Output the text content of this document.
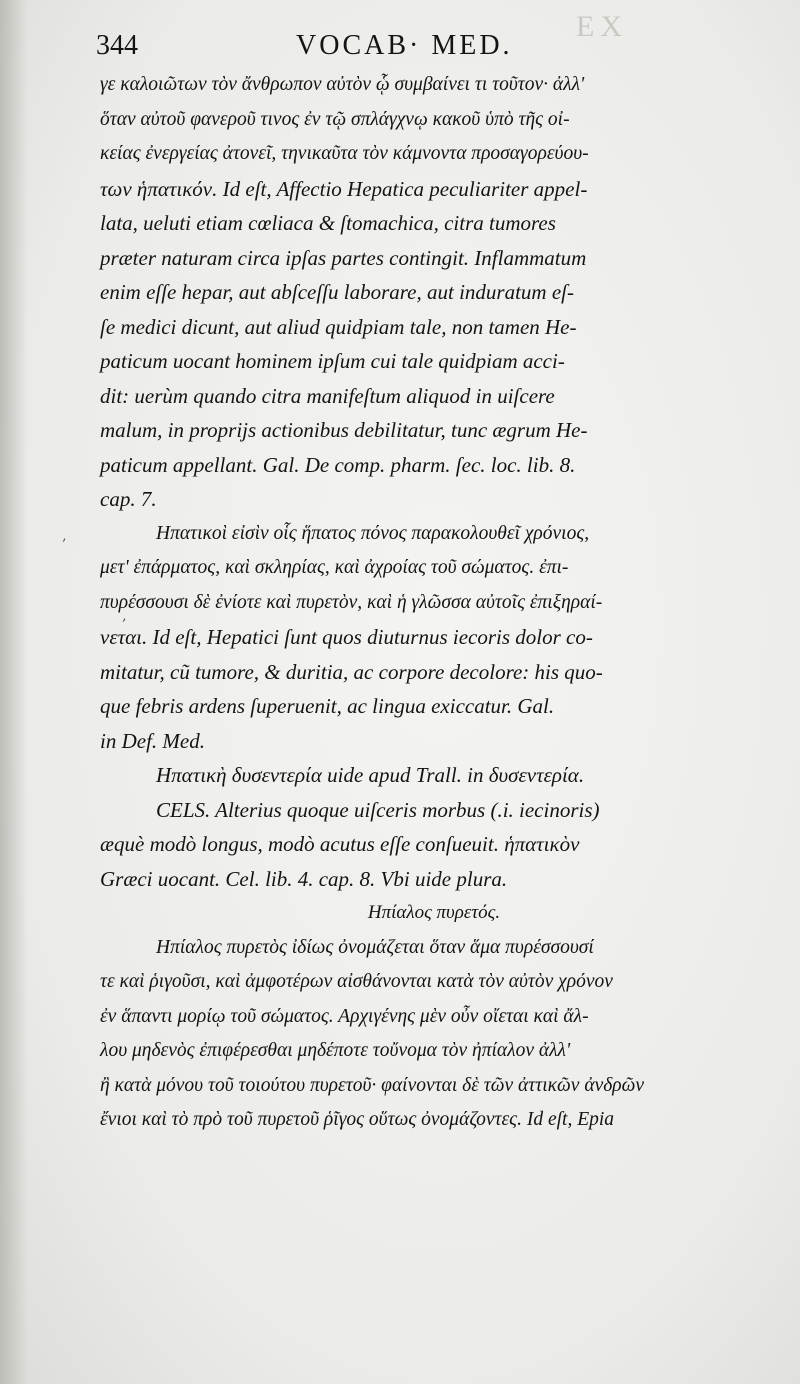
344	VOCAB· MED.
EX
‚
‚
γε καλοιῶτων τὸν ἄνθρωπον αὐτὸν ᾧ συμβαίνει τι τοῦτον· ἀλλ'
ὅταν αὐτοῦ φανεροῦ τινος ἐν τῷ σπλάγχνῳ κακοῦ ὑπὸ τῆς οἰ-
κείας ἐνεργείας ἀτονεῖ, τηνικαῦτα τὸν κάμνοντα προσαγορεύου-
των ἡπατικόν. Id eſt, Affectio Hepatica peculiariter appel-
lata, ueluti etiam cœliaca & ſtomachica, citra tumores
præter naturam circa ipſas partes contingit. Inflammatum
enim eſſe hepar, aut abſceſſu laborare, aut induratum eſ-
ſe medici dicunt, aut aliud quidpiam tale, non tamen He-
paticum uocant hominem ipſum cui tale quidpiam acci-
dit: uerùm quando citra manifeſtum aliquod in uiſcere
malum, in proprijs actionibus debilitatur, tunc ægrum He-
paticum appellant. Gal. De comp. pharm. ſec. loc. lib. 8.
cap. 7.
Ηπατικοὶ εἰσὶν οἷς ἥπατος πόνος παρακολουθεῖ χρόνιος,
μετ' ἐπάρματος, καὶ σκληρίας, καὶ ἀχροίας τοῦ σώματος. ἐπι-
πυρέσσουσι δὲ ἐνίοτε καὶ πυρετὸν, καὶ ἡ γλῶσσα αὐτοῖς ἐπιξηραί-
νεται. Id eſt, Hepatici ſunt quos diuturnus iecoris dolor co-
mitatur, cũ tumore, & duritia, ac corpore decolore: his quo-
que febris ardens ſuperuenit, ac lingua exiccatur. Gal.
in Def. Med.
Ηπατικὴ δυσεντερία uide apud Trall. in δυσεντερία.
CELS. Alterius quoque uiſceris morbus (.i. iecinoris)
æquè modò longus, modò acutus eſſe conſueuit. ἡπατικὸν
Græci uocant. Cel. lib. 4. cap. 8. Vbi uide plura.
Ηπίαλος πυρετός.
Ηπίαλος πυρετὸς ἰδίως ὀνομάζεται ὅταν ἅμα πυρέσσουσί
τε καὶ ῥιγοῦσι, καὶ ἀμφοτέρων αἰσθάνονται κατὰ τὸν αὐτὸν χρόνον
ἐν ἅπαντι μορίῳ τοῦ σώματος. Αρχιγένης μὲν οὖν οἴεται καὶ ἄλ-
λου μηδενὸς ἐπιφέρεσθαι μηδέποτε τοὔνομα τὸν ἠπίαλον ἀλλ'
ἢ κατὰ μόνου τοῦ τοιούτου πυρετοῦ· φαίνονται δὲ τῶν ἀττικῶν ἀνδρῶν
ἔνιοι καὶ τὸ πρὸ τοῦ πυρετοῦ ῥῖγος οὕτως ὀνομάζοντες. Id eſt, Epia
